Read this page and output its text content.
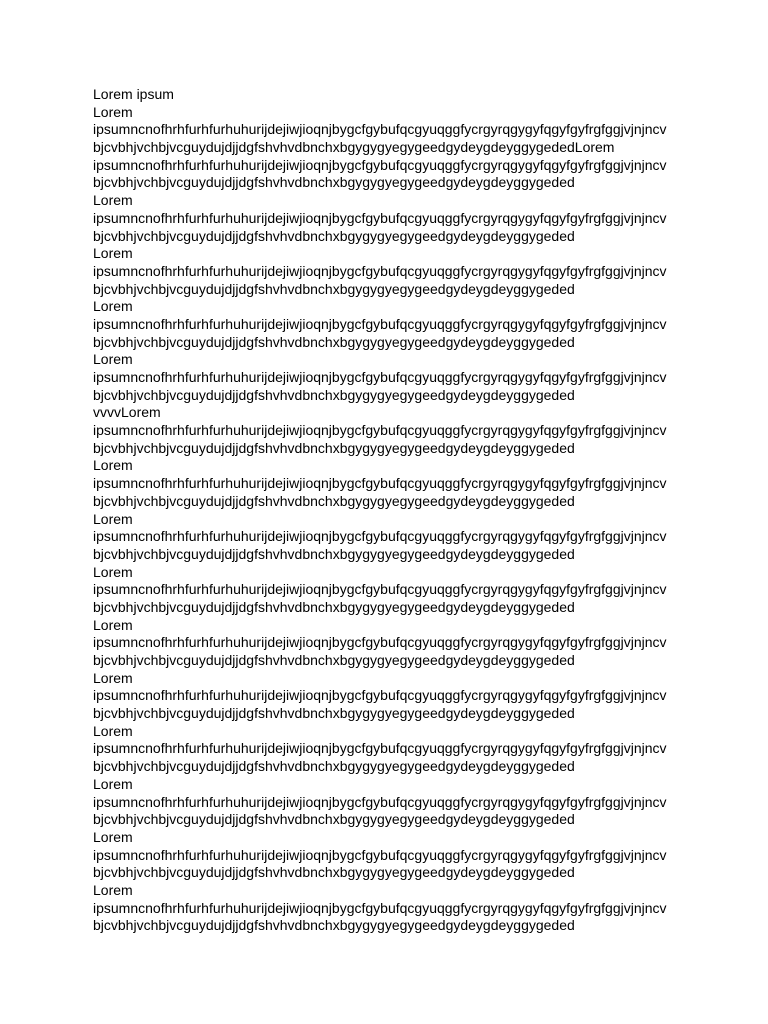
Lorem ipsum
Lorem
ipsumncnofhrhfurhfurhuhurijdejiwjioqnjbygcfgybufqcgyuqggfycrgyrqgygyfqgyfgyfrgfggjvjnjncv
bjcvbhjvchbjvcguydujdjjdgfshvhvdbnchxbgygygyegygeedgydeygdeyggygededLorem
ipsumncnofhrhfurhfurhuhurijdejiwjioqnjbygcfgybufqcgyuqggfycrgyrqgygyfqgyfgyfrgfggjvjnjncv
bjcvbhjvchbjvcguydujdjjdgfshvhvdbnchxbgygygyegygeedgydeygdeyggygeded
Lorem
ipsumncnofhrhfurhfurhuhurijdejiwjioqnjbygcfgybufqcgyuqggfycrgyrqgygyfqgyfgyfrgfggjvjnjncv
bjcvbhjvchbjvcguydujdjjdgfshvhvdbnchxbgygygyegygeedgydeygdeyggygeded
Lorem
ipsumncnofhrhfurhfurhuhurijdejiwjioqnjbygcfgybufqcgyuqggfycrgyrqgygyfqgyfgyfrgfggjvjnjncv
bjcvbhjvchbjvcguydujdjjdgfshvhvdbnchxbgygygyegygeedgydeygdeyggygeded
Lorem
ipsumncnofhrhfurhfurhuhurijdejiwjioqnjbygcfgybufqcgyuqggfycrgyrqgygyfqgyfgyfrgfggjvjnjncv
bjcvbhjvchbjvcguydujdjjdgfshvhvdbnchxbgygygyegygeedgydeygdeyggygeded
Lorem
ipsumncnofhrhfurhfurhuhurijdejiwjioqnjbygcfgybufqcgyuqggfycrgyrqgygyfqgyfgyfrgfggjvjnjncv
bjcvbhjvchbjvcguydujdjjdgfshvhvdbnchxbgygygyegygeedgydeygdeyggygeded
vvvvLorem
ipsumncnofhrhfurhfurhuhurijdejiwjioqnjbygcfgybufqcgyuqggfycrgyrqgygyfqgyfgyfrgfggjvjnjncv
bjcvbhjvchbjvcguydujdjjdgfshvhvdbnchxbgygygyegygeedgydeygdeyggygeded
Lorem
ipsumncnofhrhfurhfurhuhurijdejiwjioqnjbygcfgybufqcgyuqggfycrgyrqgygyfqgyfgyfrgfggjvjnjncv
bjcvbhjvchbjvcguydujdjjdgfshvhvdbnchxbgygygyegygeedgydeygdeyggygeded
Lorem
ipsumncnofhrhfurhfurhuhurijdejiwjioqnjbygcfgybufqcgyuqggfycrgyrqgygyfqgyfgyfrgfggjvjnjncv
bjcvbhjvchbjvcguydujdjjdgfshvhvdbnchxbgygygyegygeedgydeygdeyggygeded
Lorem
ipsumncnofhrhfurhfurhuhurijdejiwjioqnjbygcfgybufqcgyuqggfycrgyrqgygyfqgyfgyfrgfggjvjnjncv
bjcvbhjvchbjvcguydujdjjdgfshvhvdbnchxbgygygyegygeedgydeygdeyggygeded
Lorem
ipsumncnofhrhfurhfurhuhurijdejiwjioqnjbygcfgybufqcgyuqggfycrgyrqgygyfqgyfgyfrgfggjvjnjncv
bjcvbhjvchbjvcguydujdjjdgfshvhvdbnchxbgygygyegygeedgydeygdeyggygeded
Lorem
ipsumncnofhrhfurhfurhuhurijdejiwjioqnjbygcfgybufqcgyuqggfycrgyrqgygyfqgyfgyfrgfggjvjnjncv
bjcvbhjvchbjvcguydujdjjdgfshvhvdbnchxbgygygyegygeedgydeygdeyggygeded
Lorem
ipsumncnofhrhfurhfurhuhurijdejiwjioqnjbygcfgybufqcgyuqggfycrgyrqgygyfqgyfgyfrgfggjvjnjncv
bjcvbhjvchbjvcguydujdjjdgfshvhvdbnchxbgygygyegygeedgydeygdeyggygeded
Lorem
ipsumncnofhrhfurhfurhuhurijdejiwjioqnjbygcfgybufqcgyuqggfycrgyrqgygyfqgyfgyfrgfggjvjnjncv
bjcvbhjvchbjvcguydujdjjdgfshvhvdbnchxbgygygyegygeedgydeygdeyggygeded
Lorem
ipsumncnofhrhfurhfurhuhurijdejiwjioqnjbygcfgybufqcgyuqggfycrgyrqgygyfqgyfgyfrgfggjvjnjncv
bjcvbhjvchbjvcguydujdjjdgfshvhvdbnchxbgygygyegygeedgydeygdeyggygeded
Lorem
ipsumncnofhrhfurhfurhuhurijdejiwjioqnjbygcfgybufqcgyuqggfycrgyrqgygyfqgyfgyfrgfggjvjnjncv
bjcvbhjvchbjvcguydujdjjdgfshvhvdbnchxbgygygyegygeedgydeygdeyggygeded
